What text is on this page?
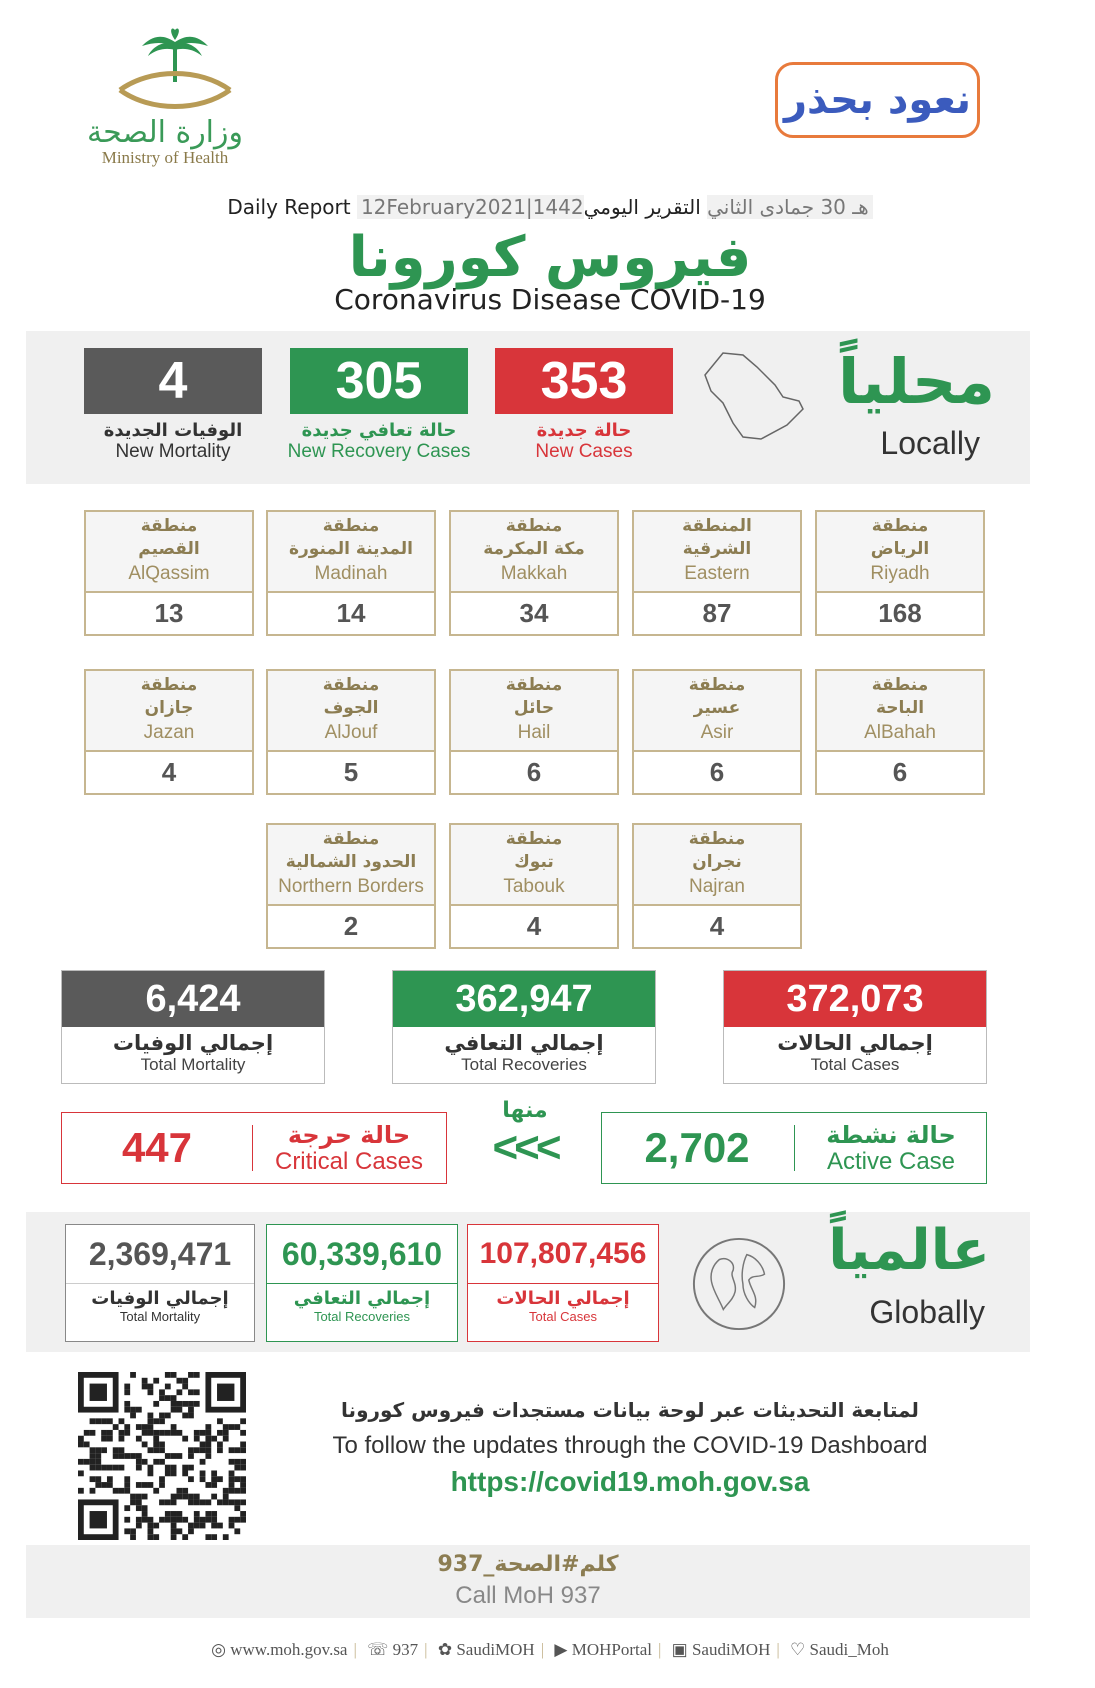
وزارة الصحة
Ministry of Health
نعود بحذر
Daily Report 12February2021|1442هـ 30 جمادى الثاني التقرير اليومي
فيروس كورونا
Coronavirus Disease COVID-19
4
الوفيات الجديدة
New Mortality
305
حالة تعافي جديدة
New Recovery Cases
353
حالة جديدة
New Cases
محلياً
Locally
منطقة
الرياض
Riyadh
168
المنطقة
الشرقية
Eastern
87
منطقة
مكة المكرمة
Makkah
34
منطقة
المدينة المنورة
Madinah
14
منطقة
القصيم
AlQassim
13
منطقة
الباحة
AlBahah
6
منطقة
عسير
Asir
6
منطقة
حائل
Hail
6
منطقة
الجوف
AlJouf
5
منطقة
جازان
Jazan
4
منطقة
نجران
Najran
4
منطقة
تبوك
Tabouk
4
منطقة
الحدود الشمالية
Northern Borders
2
6,424
إجمالي الوفيات
Total Mortality
362,947
إجمالي التعافي
Total Recoveries
372,073
إجمالي الحالات
Total Cases
447	حالة حرجة
Critical Cases
منها
<<<	2,702	حالة نشطة
Active Case
2,369,471
إجمالي الوفيات
Total Mortality
60,339,610
إجمالي التعافي
Total Recoveries
107,807,456
إجمالي الحالات
Total Cases
عالمياً
Globally
لمتابعة التحديثات عبر لوحة بيانات مستجدات فيروس كورونا
To follow the updates through the COVID-19 Dashboard
https://covid19.moh.gov.sa
كلم#الصحة_937
Call MoH 937
◎ www.moh.gov.sa | ☏ 937 | ✿ SaudiMOH | ▶ MOHPortal | ▣ SaudiMOH | ♡ Saudi_Moh
